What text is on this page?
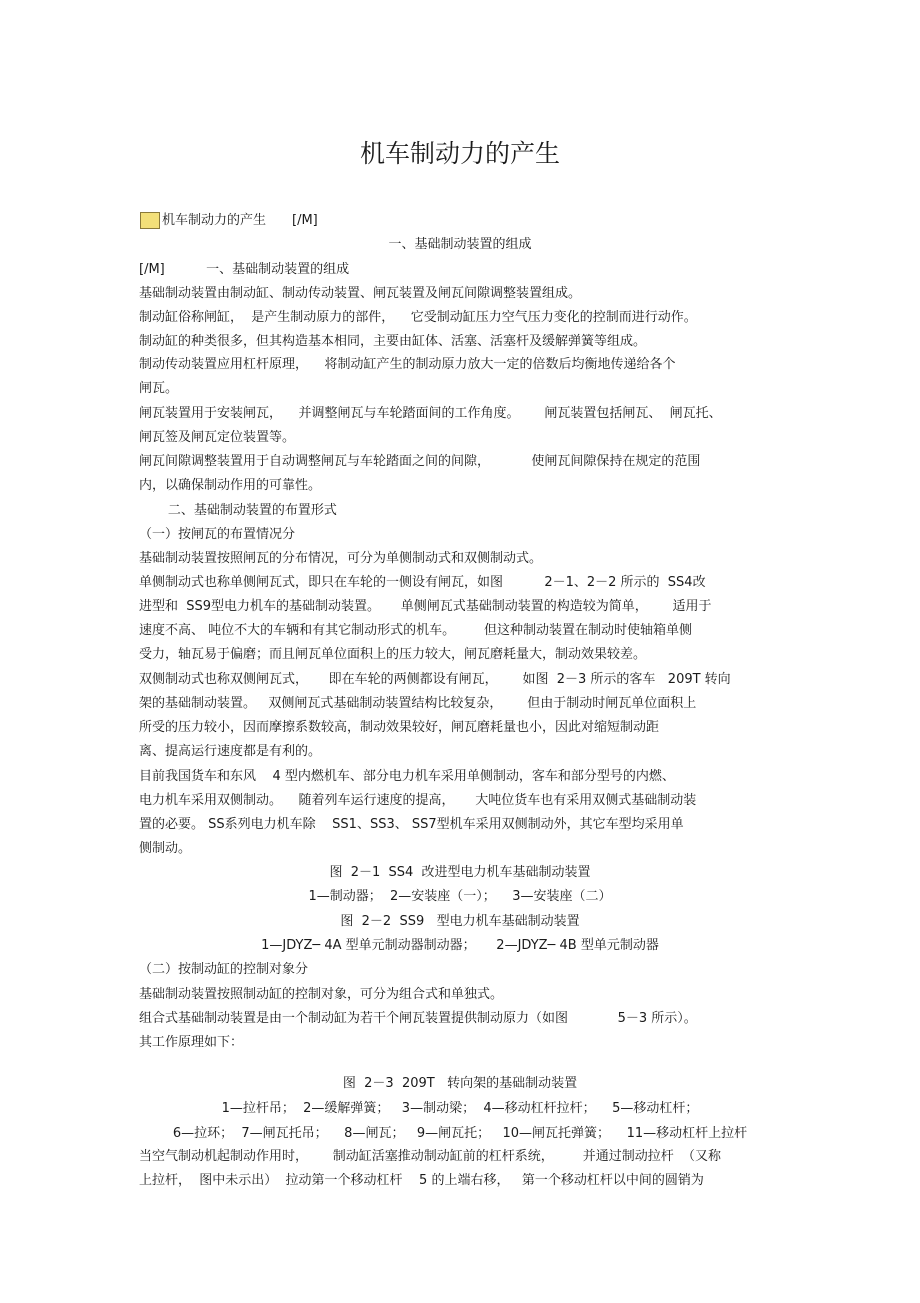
机车制动力的产生

机车制动力的产生 [/M]

一、基础制动装置的组成

[/M]          一、基础制动装置的组成

基础制动装置由制动缸、制动传动装置、闸瓦装置及闸瓦间隙调整装置组成。

制动缸俗称闸缸，  是产生制动原力的部件，    它受制动缸压力空气压力变化的控制而进行动作。

制动缸的种类很多，但其构造基本相同，主要由缸体、活塞、活塞杆及缓解弹簧等组成。

制动传动装置应用杠杆原理，    将制动缸产生的制动原力放大一定的倍数后均衡地传递给各个

闸瓦。

闸瓦装置用于安装闸瓦，    并调整闸瓦与车轮踏面间的工作角度。      闸瓦装置包括闸瓦、  闸瓦托、

闸瓦签及闸瓦定位装置等。

闸瓦间隙调整装置用于自动调整闸瓦与车轮踏面之间的间隙，          使闸瓦间隙保持在规定的范围

内，以确保制动作用的可靠性。

二、基础制动装置的布置形式

（一）按闸瓦的布置情况分

基础制动装置按照闸瓦的分布情况，可分为单侧制动式和双侧制动式。

单侧制动式也称单侧闸瓦式，即只在车轮的一侧设有闸瓦，如图          2－1、2－2 所示的  SS4改

进型和  SS9型电力机车的基础制动装置。     单侧闸瓦式基础制动装置的构造较为简单，      适用于

速度不高、 吨位不大的车辆和有其它制动形式的机车。       但这种制动装置在制动时使轴箱单侧

受力，轴瓦易于偏磨；而且闸瓦单位面积上的压力较大，闸瓦磨耗量大，制动效果较差。

双侧制动式也称双侧闸瓦式，     即在车轮的两侧都设有闸瓦，      如图  2－3 所示的客车   209T 转向

架的基础制动装置。   双侧闸瓦式基础制动装置结构比较复杂，      但由于制动时闸瓦单位面积上

所受的压力较小，因而摩擦系数较高，制动效果较好，闸瓦磨耗量也小，因此对缩短制动距

离、提高运行速度都是有利的。

目前我国货车和东风    4 型内燃机车、部分电力机车采用单侧制动，客车和部分型号的内燃、

电力机车采用双侧制动。    随着列车运行速度的提高，     大吨位货车也有采用双侧式基础制动装

置的必要。 SS系列电力机车除    SS1、SS3、 SS7型机车采用双侧制动外，其它车型均采用单

侧制动。

图  2－1  SS4  改进型电力机车基础制动装置

1—制动器；  2—安装座（一）；    3—安装座（二）

图  2－2  SS9   型电力机车基础制动装置

1—JDYZ─ 4A 型单元制动器制动器；     2—JDYZ─ 4B 型单元制动器

（二）按制动缸的控制对象分

基础制动装置按照制动缸的控制对象，可分为组合式和单独式。

组合式基础制动装置是由一个制动缸为若干个闸瓦装置提供制动原力（如图            5－3 所示）。

其工作原理如下：

图  2－3  209T   转向架的基础制动装置

1—拉杆吊；  2—缓解弹簧；   3—制动梁；  4—移动杠杆拉杆；    5—移动杠杆；

6—拉环；  7—闸瓦托吊；    8—闸瓦；   9—闸瓦托；   10—闸瓦托弹簧；    11—移动杠杆上拉杆

当空气制动机起制动作用时，      制动缸活塞推动制动缸前的杠杆系统，       并通过制动拉杆  （又称

上拉杆，  图中未示出）  拉动第一个移动杠杆    5 的上端右移，   第一个移动杠杆以中间的圆销为
